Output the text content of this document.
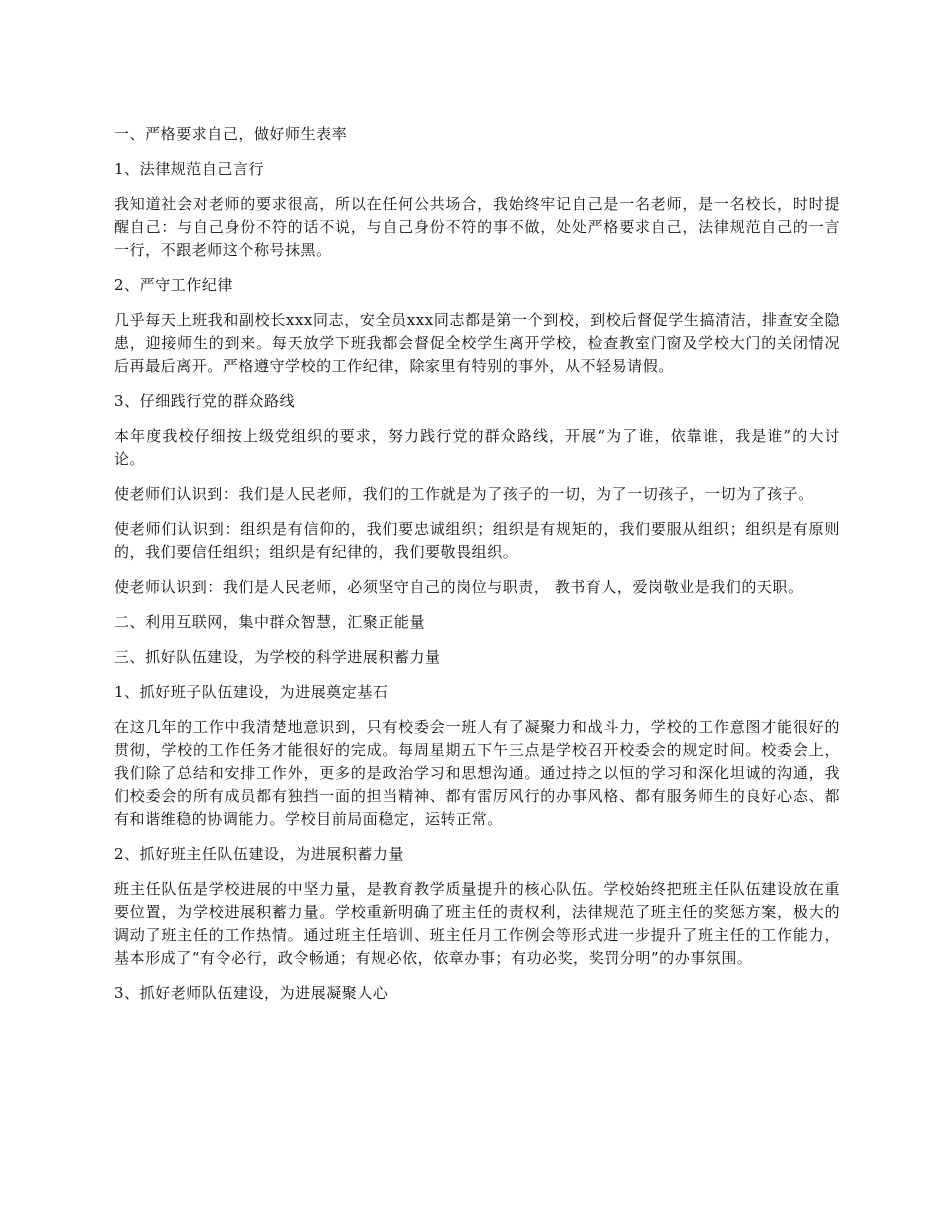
一、严格要求自己，做好师生表率

1、法律规范自己言行

我知道社会对老师的要求很高，所以在任何公共场合，我始终牢记自己是一名老师，是一名校长，时时提醒自己：与自己身份不符的话不说，与自己身份不符的事不做，处处严格要求自己，法律规范自己的一言一行，不跟老师这个称号抹黑。

2、严守工作纪律

几乎每天上班我和副校长xxx同志，安全员xxx同志都是第一个到校，到校后督促学生搞清洁，排查安全隐患，迎接师生的到来。每天放学下班我都会督促全校学生离开学校，检查教室门窗及学校大门的关闭情况后再最后离开。严格遵守学校的工作纪律，除家里有特别的事外，从不轻易请假。

3、仔细践行党的群众路线

本年度我校仔细按上级党组织的要求，努力践行党的群众路线，开展“为了谁，依靠谁，我是谁”的大讨论。

使老师们认识到：我们是人民老师，我们的工作就是为了孩子的一切，为了一切孩子，一切为了孩子。

使老师们认识到：组织是有信仰的，我们要忠诚组织；组织是有规矩的，我们要服从组织；组织是有原则的，我们要信任组织；组织是有纪律的，我们要敬畏组织。

使老师认识到：我们是人民老师，必须坚守自己的岗位与职责， 教书育人，爱岗敬业是我们的天职。

二、利用互联网，集中群众智慧，汇聚正能量

三、抓好队伍建设，为学校的科学进展积蓄力量

1、抓好班子队伍建设，为进展奠定基石

在这几年的工作中我清楚地意识到，只有校委会一班人有了凝聚力和战斗力，学校的工作意图才能很好的贯彻，学校的工作任务才能很好的完成。每周星期五下午三点是学校召开校委会的规定时间。校委会上，我们除了总结和安排工作外，更多的是政治学习和思想沟通。通过持之以恒的学习和深化坦诚的沟通，我们校委会的所有成员都有独挡一面的担当精神、都有雷厉风行的办事风格、都有服务师生的良好心态、都有和谐维稳的协调能力。学校目前局面稳定，运转正常。

2、抓好班主任队伍建设，为进展积蓄力量

班主任队伍是学校进展的中坚力量，是教育教学质量提升的核心队伍。学校始终把班主任队伍建设放在重要位置，为学校进展积蓄力量。学校重新明确了班主任的责权利，法律规范了班主任的奖惩方案，极大的调动了班主任的工作热情。通过班主任培训、班主任月工作例会等形式进一步提升了班主任的工作能力，基本形成了“有令必行，政令畅通；有规必依，依章办事；有功必奖，奖罚分明”的办事氛围。

3、抓好老师队伍建设，为进展凝聚人心
